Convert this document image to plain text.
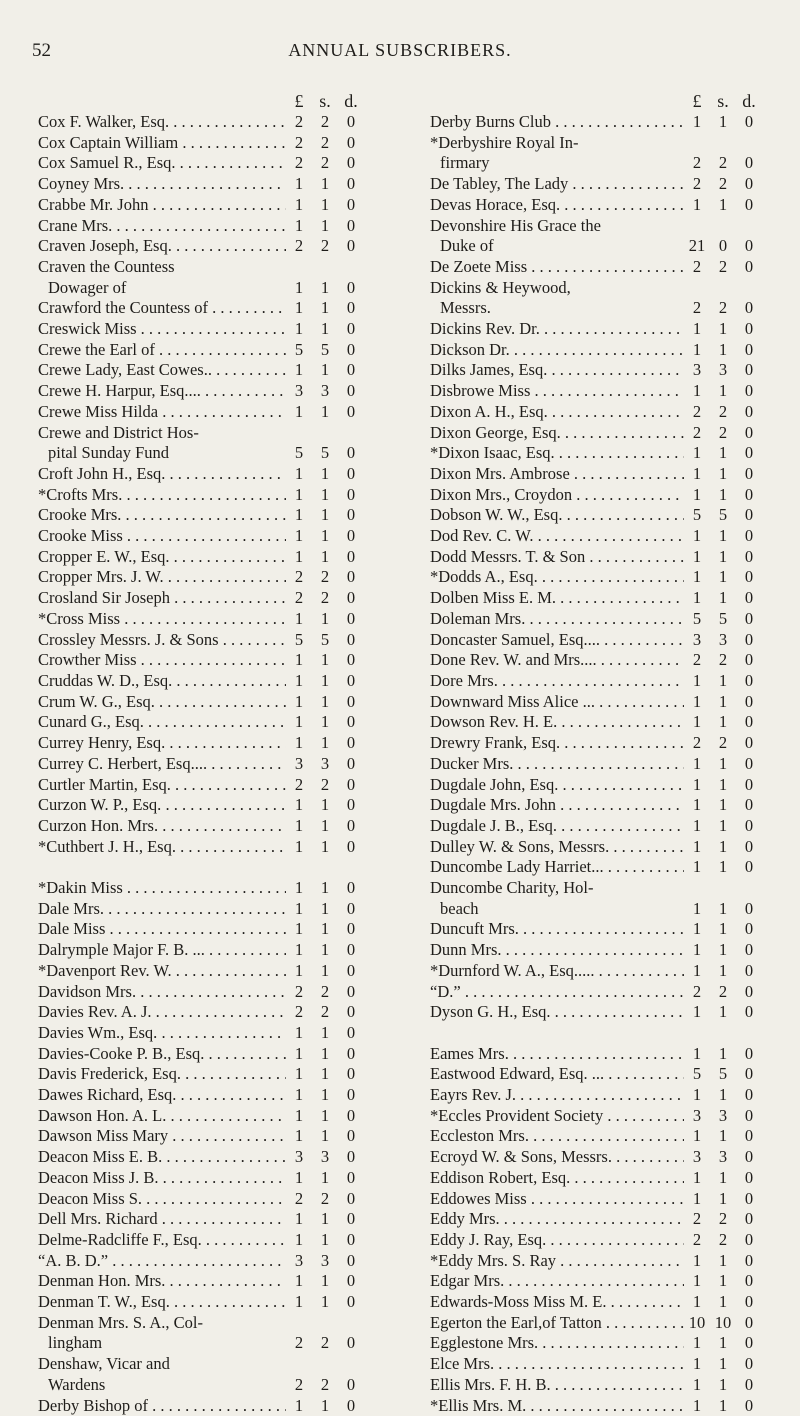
52	ANNUAL SUBSCRIBERS.
£ s. d.
Cox F. Walker, Esq. . . .	2	2	0
Cox Captain William . . .	2	2	0
Cox Samuel R., Esq. . . .	2	2	0
Coyney Mrs. . . .	1	1	0
Crabbe Mr. John . . .	1	1	0
Crane Mrs. . . .	1	1	0
Craven Joseph, Esq. . . .	2	2	0
Craven the Countess
Dowager of	1	1	0
Crawford the Countess of . . .	1	1	0
Creswick Miss . . .	1	1	0
Crewe the Earl of . . .	5	5	0
Crewe Lady, East Cowes.. . . .	1	1	0
Crewe H. Harpur, Esq.... . . .	3	3	0
Crewe Miss Hilda . . .	1	1	0
Crewe and District Hos-
pital Sunday Fund	5	5	0
Croft John H., Esq. . . .	1	1	0
*Crofts Mrs. . . .	1	1	0
Crooke Mrs. . . .	1	1	0
Crooke Miss . . .	1	1	0
Cropper E. W., Esq. . . .	1	1	0
Cropper Mrs. J. W. . . .	2	2	0
Crosland Sir Joseph . . .	2	2	0
*Cross Miss . . .	1	1	0
Crossley Messrs. J. & Sons . . .	5	5	0
Crowther Miss . . .	1	1	0
Cruddas W. D., Esq. . . .	1	1	0
Crum W. G., Esq. . . .	1	1	0
Cunard G., Esq. . . .	1	1	0
Currey Henry, Esq. . . .	1	1	0
Currey C. Herbert, Esq.... . . .	3	3	0
Curtler Martin, Esq. . . .	2	2	0
Curzon W. P., Esq. . . .	1	1	0
Curzon Hon. Mrs. . . .	1	1	0
*Cuthbert J. H., Esq. . . .	1	1	0
*Dakin Miss . . .	1	1	0
Dale Mrs. . . .	1	1	0
Dale Miss . . .	1	1	0
Dalrymple Major F. B. ... . . .	1	1	0
*Davenport Rev. W. . . .	1	1	0
Davidson Mrs. . . .	2	2	0
Davies Rev. A. J. . . .	2	2	0
Davies Wm., Esq. . . .	1	1	0
Davies-Cooke P. B., Esq. . . .	1	1	0
Davis Frederick, Esq. . . .	1	1	0
Dawes Richard, Esq. . . .	1	1	0
Dawson Hon. A. L. . . .	1	1	0
Dawson Miss Mary . . .	1	1	0
Deacon Miss E. B. . . .	3	3	0
Deacon Miss J. B. . . .	1	1	0
Deacon Miss S. . . .	2	2	0
Dell Mrs. Richard . . .	1	1	0
Delme-Radcliffe F., Esq. . . .	1	1	0
“A. B. D.” . . .	3	3	0
Denman Hon. Mrs. . . .	1	1	0
Denman T. W., Esq. . . .	1	1	0
Denman Mrs. S. A., Col-
lingham	2	2	0
Denshaw, Vicar and
Wardens	2	2	0
Derby Bishop of . . .	1	1	0
£ s. d.
Derby Burns Club . . .	1	1	0
*Derbyshire Royal In-
firmary	2	2	0
De Tabley, The Lady . . .	2	2	0
Devas Horace, Esq. . . .	1	1	0
Devonshire His Grace the
Duke of	21 0	0
De Zoete Miss . . .	2	2	0
Dickins & Heywood,
Messrs.	2	2	0
Dickins Rev. Dr. . . .	1	1	0
Dickson Dr. . . .	1	1	0
Dilks James, Esq. . . .	3	3	0
Disbrowe Miss . . .	1	1	0
Dixon A. H., Esq. . . .	2	2	0
Dixon George, Esq. . . .	2	2	0
*Dixon Isaac, Esq. . . .	1	1	0
Dixon Mrs. Ambrose . . .	1	1	0
Dixon Mrs., Croydon . . .	1	1	0
Dobson W. W., Esq. . . .	5	5	0
Dod Rev. C. W. . . .	1	1	0
Dodd Messrs. T. & Son . . .	1	1	0
*Dodds A., Esq. . . .	1	1	0
Dolben Miss E. M. . . .	1	1	0
Doleman Mrs. . . .	5	5	0
Doncaster Samuel, Esq.... . . .	3	3	0
Done Rev. W. and Mrs.... . . .	2	2	0
Dore Mrs. . . .	1	1	0
Downward Miss Alice ... . . .	1	1	0
Dowson Rev. H. E. . . .	1	1	0
Drewry Frank, Esq. . . .	2	2	0
Ducker Mrs. . . .	1	1	0
Dugdale John, Esq. . . .	1	1	0
Dugdale Mrs. John . . .	1	1	0
Dugdale J. B., Esq. . . .	1	1	0
Dulley W. & Sons, Messrs. . . .	1	1	0
Duncombe Lady Harriet... . . .	1	1	0
Duncombe Charity, Hol-
beach	1	1	0
Duncuft Mrs. . . .	1	1	0
Dunn Mrs. . . .	1	1	0
*Durnford W. A., Esq..... . . .	1	1	0
“D.” . . .	2	2	0
Dyson G. H., Esq. . . .	1	1	0
Eames Mrs. . . .	1	1	0
Eastwood Edward, Esq. ... . . .	5	5	0
Eayrs Rev. J. . . .	1	1	0
*Eccles Provident Society . . .	3	3	0
Eccleston Mrs. . . .	1	1	0
Ecroyd W. & Sons, Messrs. . . .	3	3	0
Eddison Robert, Esq. . . .	1	1	0
Eddowes Miss . . .	1	1	0
Eddy Mrs. . . .	2	2	0
Eddy J. Ray, Esq. . . .	2	2	0
*Eddy Mrs. S. Ray . . .	1	1	0
Edgar Mrs. . . .	1	1	0
Edwards-Moss Miss M. E. . . .	1	1	0
Egerton the Earl,of Tatton . . .	10 10 0
Egglestone Mrs. . . .	1	1	0
Elce Mrs. . . .	1	1	0
Ellis Mrs. F. H. B. . . .	1	1	0
*Ellis Mrs. M. . . .	1	1	0
